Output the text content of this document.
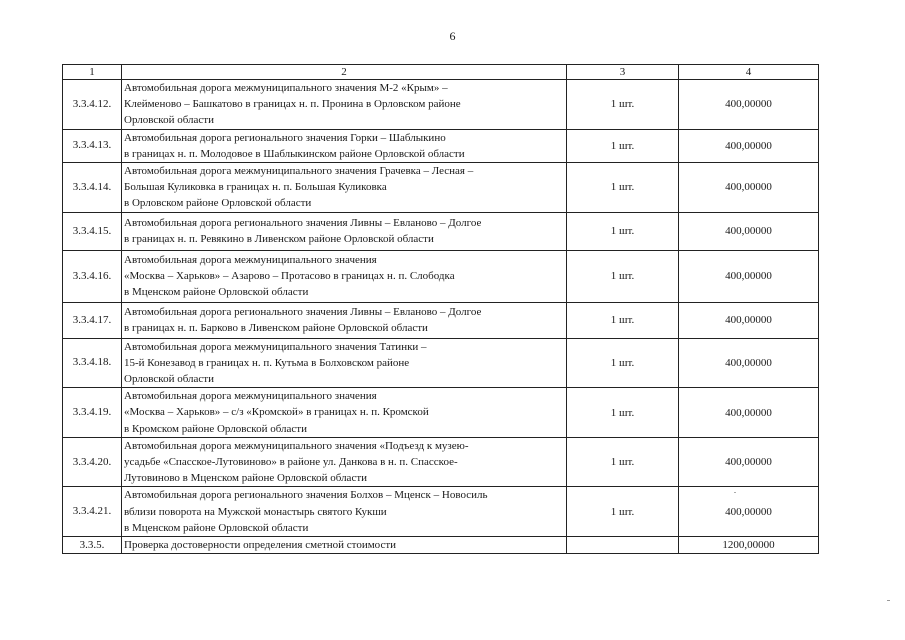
6
1	2	3	4
3.3.4.12.	Автомобильная дорога межмуниципального значения М-2 «Крым» –
Клейменово – Башкатово в границах н. п. Пронина в Орловском районе
Орловской области	1 шт.	400,00000
3.3.4.13.	Автомобильная дорога регионального значения Горки – Шаблыкино
в границах н. п. Молодовое в Шаблыкинском районе Орловской области	1 шт.	400,00000
3.3.4.14.	Автомобильная дорога межмуниципального значения Грачевка – Лесная –
Большая Куликовка в границах н. п. Большая Куликовка
в Орловском районе Орловской области	1 шт.	400,00000
3.3.4.15.	Автомобильная дорога регионального значения Ливны – Евланово – Долгое
в границах н. п. Ревякино в Ливенском районе Орловской области	1 шт.	400,00000
3.3.4.16.	Автомобильная дорога межмуниципального значения
«Москва – Харьков» – Азарово – Протасово в границах н. п. Слободка
в Мценском районе Орловской области	1 шт.	400,00000
3.3.4.17.	Автомобильная дорога регионального значения Ливны – Евланово – Долгое
в границах н. п. Барково в Ливенском районе Орловской области	1 шт.	400,00000
3.3.4.18.	Автомобильная дорога межмуниципального значения Татинки –
15-й Конезавод в границах н. п. Кутьма в Болховском районе
Орловской области	1 шт.	400,00000
3.3.4.19.	Автомобильная дорога межмуниципального значения
«Москва – Харьков» – с/з «Кромской» в границах н. п. Кромской
в Кромском районе Орловской области	1 шт.	400,00000
3.3.4.20.	Автомобильная дорога межмуниципального значения «Подъезд к музею-
усадьбе «Спасское-Лутовиново» в районе ул. Данкова в н. п. Спасское-
Лутовиново в Мценском районе Орловской области	1 шт.	400,00000
3.3.4.21.	Автомобильная дорога регионального значения Болхов – Мценск – Новосиль
вблизи поворота на Мужской монастырь святого Кукши
в Мценском районе Орловской области	1 шт.	400,00000
3.3.5.	Проверка достоверности определения сметной стоимости		1200,00000
